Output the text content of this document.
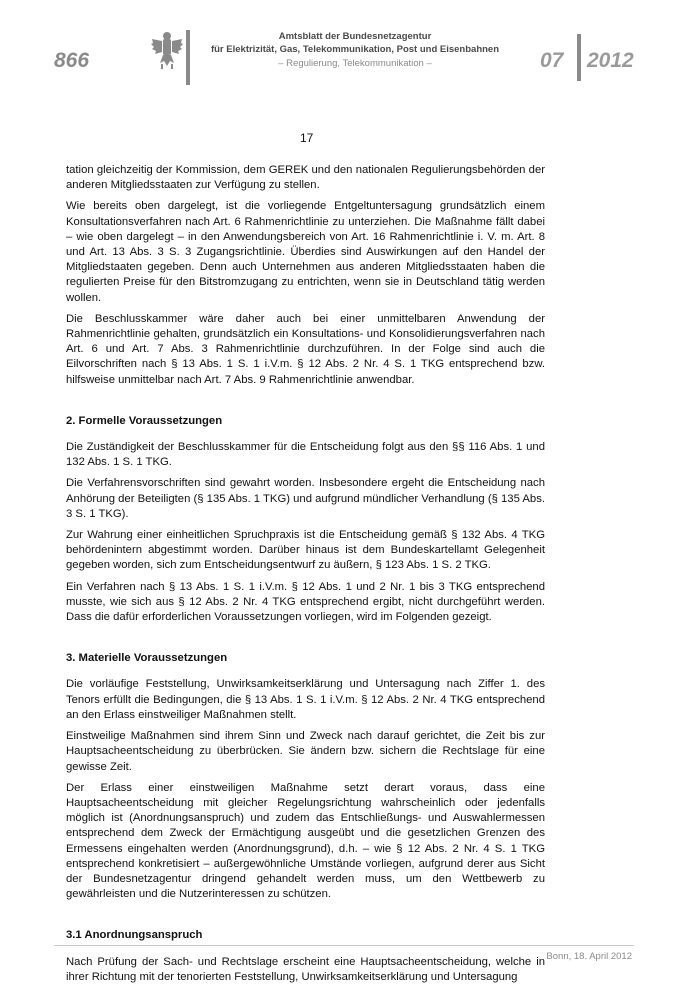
866
Amtsblatt der Bundesnetzagentur
für Elektrizität, Gas, Telekommunikation, Post und Eisenbahnen
– Regulierung, Telekommunikation –	07 2012
17

tation gleichzeitig der Kommission, dem GEREK und den nationalen Regulierungsbehörden der anderen Mitgliedsstaaten zur Verfügung zu stellen.

Wie bereits oben dargelegt, ist die vorliegende Entgeltuntersagung grundsätzlich einem Konsultationsverfahren nach Art. 6 Rahmenrichtlinie zu unterziehen. Die Maßnahme fällt dabei – wie oben dargelegt – in den Anwendungsbereich von Art. 16 Rahmenrichtlinie i. V. m. Art. 8 und Art. 13 Abs. 3 S. 3 Zugangsrichtlinie. Überdies sind Auswirkungen auf den Handel der Mitgliedstaaten gegeben. Denn auch Unternehmen aus anderen Mitgliedsstaaten haben die regulierten Preise für den Bitstromzugang zu entrichten, wenn sie in Deutschland tätig werden wollen.

Die Beschlusskammer wäre daher auch bei einer unmittelbaren Anwendung der Rahmenrichtlinie gehalten, grundsätzlich ein Konsultations- und Konsolidierungsverfahren nach Art. 6 und Art. 7 Abs. 3 Rahmenrichtlinie durchzuführen. In der Folge sind auch die Eilvorschriften nach § 13 Abs. 1 S. 1 i.V.m. § 12 Abs. 2 Nr. 4 S. 1 TKG entsprechend bzw. hilfsweise unmittelbar nach Art. 7 Abs. 9 Rahmenrichtlinie anwendbar.

2. Formelle Voraussetzungen

Die Zuständigkeit der Beschlusskammer für die Entscheidung folgt aus den §§ 116 Abs. 1 und 132 Abs. 1 S. 1 TKG.

Die Verfahrensvorschriften sind gewahrt worden. Insbesondere ergeht die Entscheidung nach Anhörung der Beteiligten (§ 135 Abs. 1 TKG) und aufgrund mündlicher Verhandlung (§ 135 Abs. 3 S. 1 TKG).

Zur Wahrung einer einheitlichen Spruchpraxis ist die Entscheidung gemäß § 132 Abs. 4 TKG behördenintern abgestimmt worden. Darüber hinaus ist dem Bundeskartellamt Gelegenheit gegeben worden, sich zum Entscheidungsentwurf zu äußern, § 123 Abs. 1 S. 2 TKG.

Ein Verfahren nach § 13 Abs. 1 S. 1 i.V.m. § 12 Abs. 1 und 2 Nr. 1 bis 3 TKG entsprechend musste, wie sich aus § 12 Abs. 2 Nr. 4 TKG entsprechend ergibt, nicht durchgeführt werden. Dass die dafür erforderlichen Voraussetzungen vorliegen, wird im Folgenden gezeigt.

3. Materielle Voraussetzungen

Die vorläufige Feststellung, Unwirksamkeitserklärung und Untersagung nach Ziffer 1. des Tenors erfüllt die Bedingungen, die § 13 Abs. 1 S. 1 i.V.m. § 12 Abs. 2 Nr. 4 TKG entsprechend an den Erlass einstweiliger Maßnahmen stellt.

Einstweilige Maßnahmen sind ihrem Sinn und Zweck nach darauf gerichtet, die Zeit bis zur Hauptsacheentscheidung zu überbrücken. Sie ändern bzw. sichern die Rechtslage für eine gewisse Zeit.

Der Erlass einer einstweiligen Maßnahme setzt derart voraus, dass eine Hauptsacheentscheidung mit gleicher Regelungsrichtung wahrscheinlich oder jedenfalls möglich ist (Anordnungsanspruch) und zudem das Entschließungs- und Auswahlermessen entsprechend dem Zweck der Ermächtigung ausgeübt und die gesetzlichen Grenzen des Ermessens eingehalten werden (Anordnungsgrund), d.h. – wie § 12 Abs. 2 Nr. 4 S. 1 TKG entsprechend konkretisiert – außergewöhnliche Umstände vorliegen, aufgrund derer aus Sicht der Bundesnetzagentur dringend gehandelt werden muss, um den Wettbewerb zu gewährleisten und die Nutzerinteressen zu schützen.

3.1 Anordnungsanspruch

Nach Prüfung der Sach- und Rechtslage erscheint eine Hauptsacheentscheidung, welche in ihrer Richtung mit der tenorierten Feststellung, Unwirksamkeitserklärung und Untersagung

Bonn, 18. April 2012
